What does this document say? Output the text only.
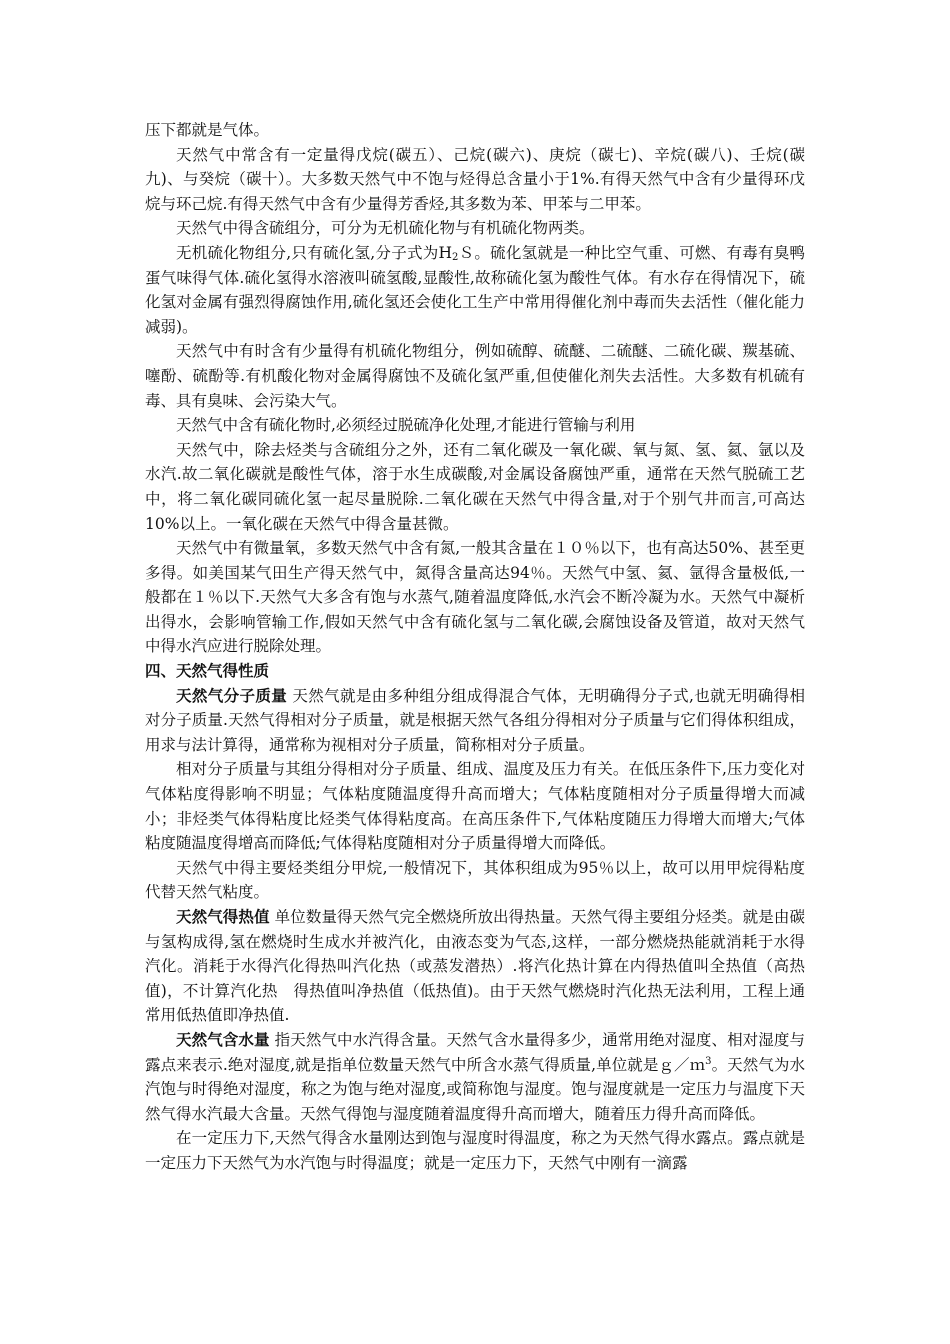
压下都就是气体。

天然气中常含有一定量得戊烷(碳五）、己烷(碳六)、庚烷（碳七)、辛烷(碳八)、壬烷(碳九)、与癸烷（碳十）。大多数天然气中不饱与烃得总含量小于1%.有得天然气中含有少量得环戊烷与环己烷.有得天然气中含有少量得芳香烃,其多数为苯、甲苯与二甲苯。

天然气中得含硫组分，可分为无机硫化物与有机硫化物两类。

无机硫化物组分,只有硫化氢,分子式为$H_2S$。硫化氢就是一种比空气重、可燃、有毒有臭鸭蛋气味得气体.硫化氢得水溶液叫硫氢酸,显酸性,故称硫化氢为酸性气体。有水存在得情况下，硫化氢对金属有强烈得腐蚀作用,硫化氢还会使化工生产中常用得催化剂中毒而失去活性（催化能力减弱)。

天然气中有时含有少量得有机硫化物组分，例如硫醇、硫醚、二硫醚、二硫化碳、羰基硫、噻酚、硫酚等.有机酸化物对金属得腐蚀不及硫化氢严重,但使催化剂失去活性。大多数有机硫有毒、具有臭味、会污染大气。

天然气中含有硫化物时,必须经过脱硫净化处理,才能进行管输与利用

天然气中，除去烃类与含硫组分之外，还有二氧化碳及一氧化碳、氧与氮、氢、氦、氩以及水汽.故二氧化碳就是酸性气体，溶于水生成碳酸,对金属设备腐蚀严重，通常在天然气脱硫工艺中，将二氧化碳同硫化氢一起尽量脱除.二氧化碳在天然气中得含量,对于个别气井而言,可高达10%以上。一氧化碳在天然气中得含量甚微。

天然气中有微量氧，多数天然气中含有氮,一般其含量在１０％以下，也有高达50%、甚至更多得。如美国某气田生产得天然气中，氮得含量高达94％。天然气中氢、氦、氩得含量极低,一般都在１％以下.天然气大多含有饱与水蒸气,随着温度降低,水汽会不断冷凝为水。天然气中凝析出得水，会影响管输工作,假如天然气中含有硫化氢与二氧化碳,会腐蚀设备及管道，故对天然气中得水汽应进行脱除处理。

四、天然气得性质

天然气分子质量 天然气就是由多种组分组成得混合气体，无明确得分子式,也就无明确得相对分子质量.天然气得相对分子质量，就是根据天然气各组分得相对分子质量与它们得体积组成，用求与法计算得，通常称为视相对分子质量，简称相对分子质量。

相对分子质量与其组分得相对分子质量、组成、温度及压力有关。在低压条件下,压力变化对气体粘度得影响不明显；气体粘度随温度得升高而增大；气体粘度随相对分子质量得增大而减小；非烃类气体得粘度比烃类气体得粘度高。在高压条件下,气体粘度随压力得增大而增大;气体粘度随温度得增高而降低;气体得粘度随相对分子质量得增大而降低。

天然气中得主要烃类组分甲烷,一般情况下，其体积组成为95％以上，故可以用甲烷得粘度代替天然气粘度。

天然气得热值 单位数量得天然气完全燃烧所放出得热量。天然气得主要组分烃类。就是由碳与氢构成得,氢在燃烧时生成水并被汽化，由液态变为气态,这样，一部分燃烧热能就消耗于水得汽化。消耗于水得汽化得热叫汽化热（或蒸发潜热）.将汽化热计算在内得热值叫全热值（高热值)，不计算汽化热　得热值叫净热值（低热值)。由于天然气燃烧时汽化热无法利用，工程上通常用低热值即净热值.

天然气含水量 指天然气中水汽得含量。天然气含水量得多少，通常用绝对湿度、相对湿度与露点来表示.绝对湿度,就是指单位数量天然气中所含水蒸气得质量,单位就是ｇ／ｍ$^3$。天然气为水汽饱与时得绝对湿度，称之为饱与绝对湿度,或简称饱与湿度。饱与湿度就是一定压力与温度下天然气得水汽最大含量。天然气得饱与湿度随着温度得升高而增大，随着压力得升高而降低。

在一定压力下,天然气得含水量刚达到饱与湿度时得温度，称之为天然气得水露点。露点就是一定压力下天然气为水汽饱与时得温度；就是一定压力下，天然气中刚有一滴露
